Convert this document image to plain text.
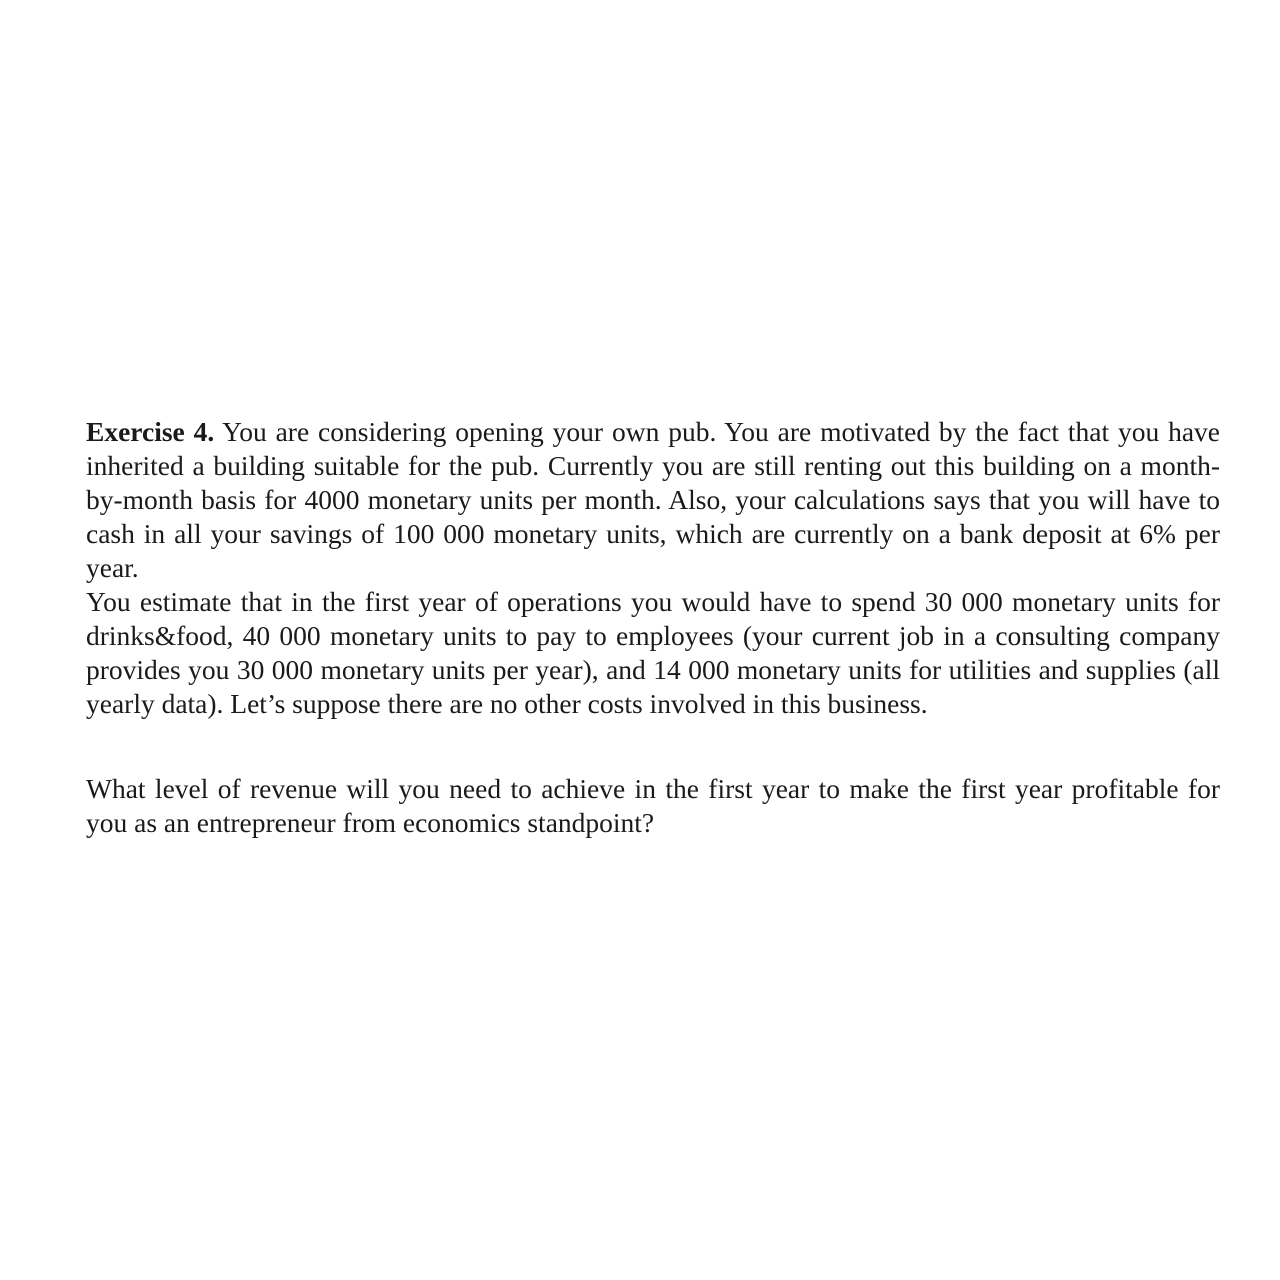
Exercise 4. You are considering opening your own pub. You are motivated by the fact that you have inherited a building suitable for the pub. Currently you are still renting out this building on a month-by-month basis for 4000 monetary units per month. Also, your calculations says that you will have to cash in all your savings of 100 000 monetary units, which are currently on a bank deposit at 6% per year.

You estimate that in the first year of operations you would have to spend 30 000 monetary units for drinks&food, 40 000 monetary units to pay to employees (your current job in a consulting company provides you 30 000 monetary units per year), and 14 000 monetary units for utilities and supplies (all yearly data). Let’s suppose there are no other costs involved in this business.

What level of revenue will you need to achieve in the first year to make the first year profitable for you as an entrepreneur from economics standpoint?
